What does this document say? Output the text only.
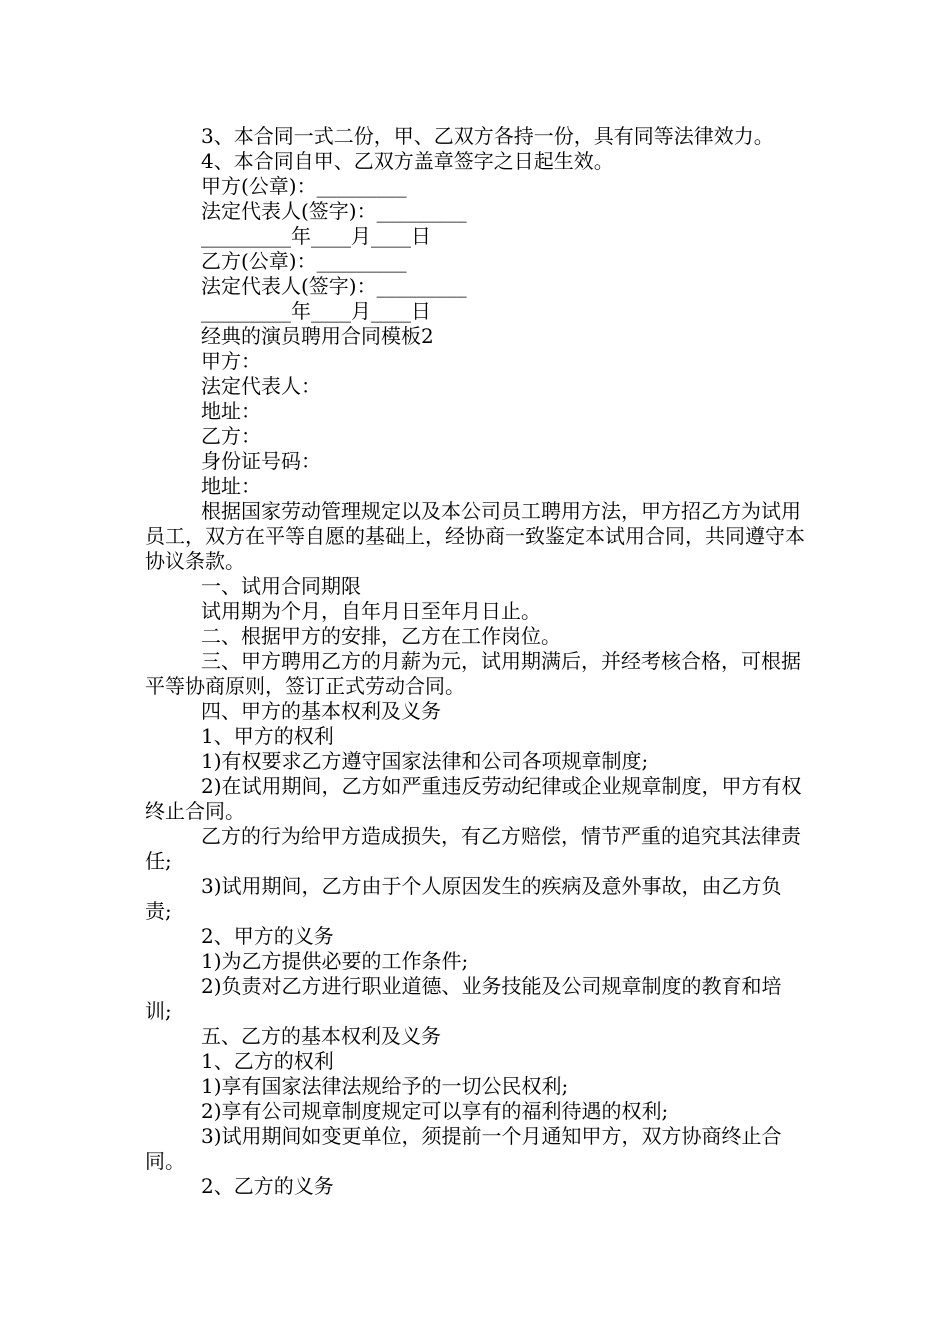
3、本合同一式二份，甲、乙双方各持一份，具有同等法律效力。

4、本合同自甲、乙双方盖章签字之日起生效。

甲方(公章)：_________

法定代表人(签字)：_________

_________年____月____日

乙方(公章)：_________

法定代表人(签字)：_________

_________年____月____日

经典的演员聘用合同模板2

甲方：

法定代表人：

地址：

乙方：

身份证号码：

地址：

根据国家劳动管理规定以及本公司员工聘用方法，甲方招乙方为试用员工，双方在平等自愿的基础上，经协商一致鉴定本试用合同，共同遵守本协议条款。

一、试用合同期限

试用期为个月，自年月日至年月日止。

二、根据甲方的安排，乙方在工作岗位。

三、甲方聘用乙方的月薪为元，试用期满后，并经考核合格，可根据平等协商原则，签订正式劳动合同。

四、甲方的基本权利及义务

1、甲方的权利

1)有权要求乙方遵守国家法律和公司各项规章制度;

2)在试用期间，乙方如严重违反劳动纪律或企业规章制度，甲方有权终止合同。

乙方的行为给甲方造成损失，有乙方赔偿，情节严重的追究其法律责任;

3)试用期间，乙方由于个人原因发生的疾病及意外事故，由乙方负责;

2、甲方的义务

1)为乙方提供必要的工作条件;

2)负责对乙方进行职业道德、业务技能及公司规章制度的教育和培训;

五、乙方的基本权利及义务

1、乙方的权利

1)享有国家法律法规给予的一切公民权利;

2)享有公司规章制度规定可以享有的福利待遇的权利;

3)试用期间如变更单位，须提前一个月通知甲方，双方协商终止合同。

2、乙方的义务
